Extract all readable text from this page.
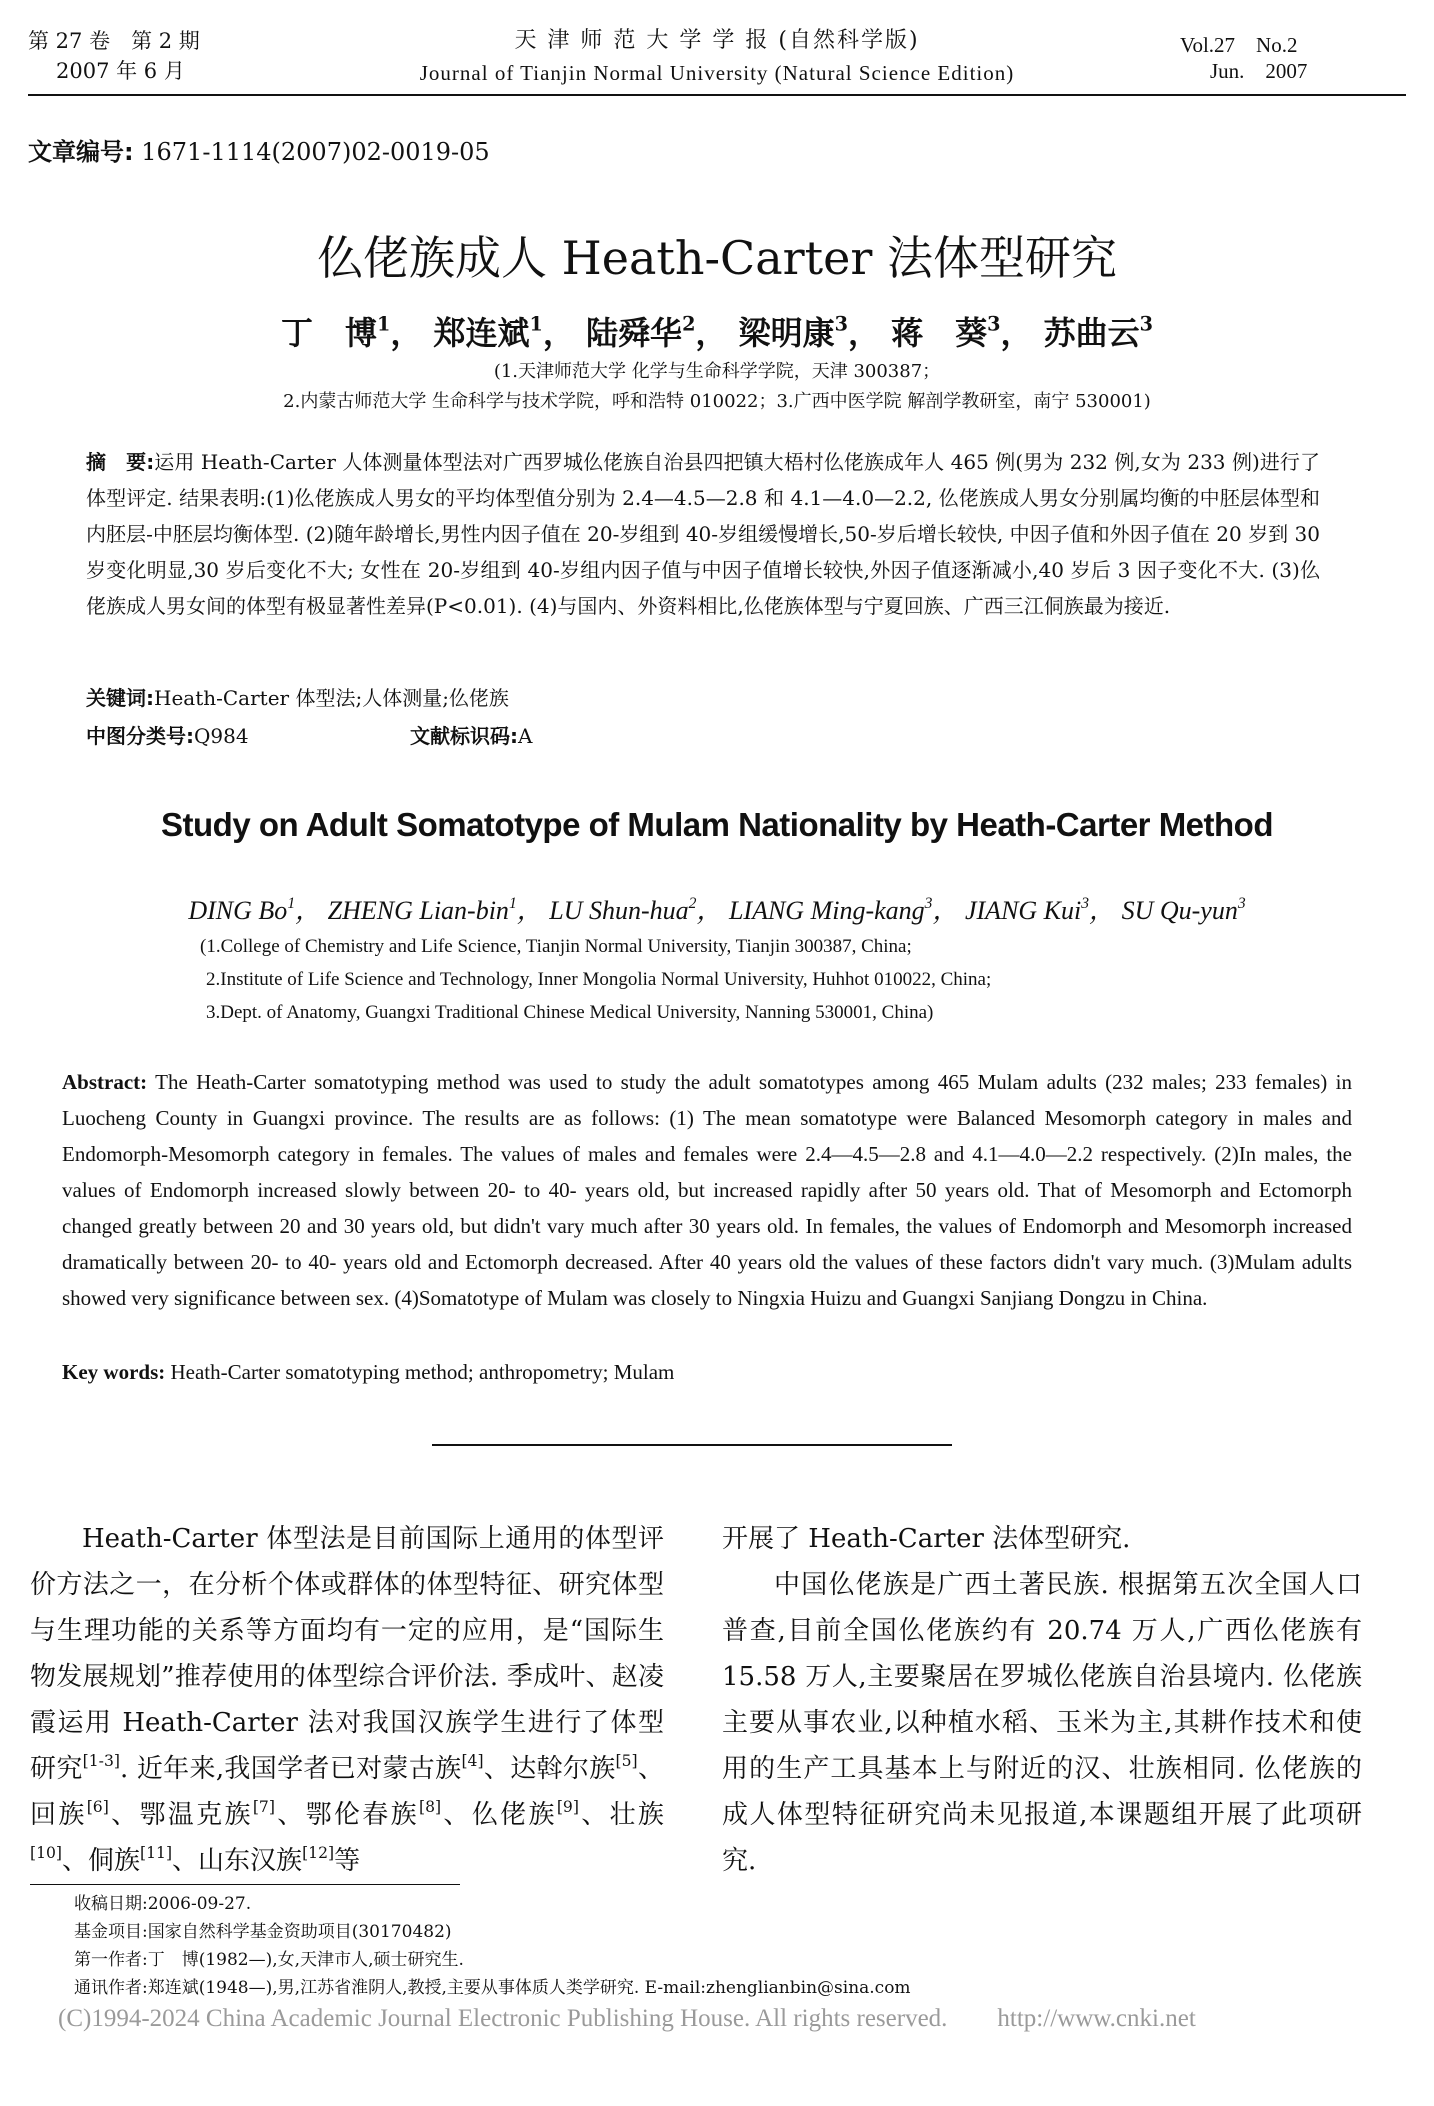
第 27 卷　第 2 期
2007 年 6 月
天 津 师 范 大 学 学 报 (自然科学版)
Journal of Tianjin Normal University (Natural Science Edition)
Vol.27　No.2
Jun.　2007
文章编号: 1671-1114(2007)02-0019-05
仫佬族成人 Heath-Carter 法体型研究
丁　博$^1$， 郑连斌$^1$， 陆舜华$^2$， 梁明康$^3$， 蒋　葵$^3$， 苏曲云$^3$
(1.天津师范大学 化学与生命科学学院，天津 300387；
2.内蒙古师范大学 生命科学与技术学院，呼和浩特 010022；3.广西中医学院 解剖学教研室，南宁 530001)
摘　要:运用 Heath-Carter 人体测量体型法对广西罗城仫佬族自治县四把镇大梧村仫佬族成年人 465 例(男为 232 例,女为 233 例)进行了体型评定. 结果表明:(1)仫佬族成人男女的平均体型值分别为 2.4—4.5—2.8 和 4.1—4.0—2.2, 仫佬族成人男女分别属均衡的中胚层体型和内胚层-中胚层均衡体型. (2)随年龄增长,男性内因子值在 20-岁组到 40-岁组缓慢增长,50-岁后增长较快, 中因子值和外因子值在 20 岁到 30 岁变化明显,30 岁后变化不大; 女性在 20-岁组到 40-岁组内因子值与中因子值增长较快,外因子值逐渐减小,40 岁后 3 因子变化不大. (3)仫佬族成人男女间的体型有极显著性差异(P<0.01). (4)与国内、外资料相比,仫佬族体型与宁夏回族、广西三江侗族最为接近.
关键词:Heath-Carter 体型法;人体测量;仫佬族
中图分类号:Q984	文献标识码:A
Study on Adult Somatotype of Mulam Nationality by Heath-Carter Method
DING Bo$^1$， ZHENG Lian-bin$^1$， LU Shun-hua$^2$， LIANG Ming-kang$^3$， JIANG Kui$^3$， SU Qu-yun$^3$
(1.College of Chemistry and Life Science, Tianjin Normal University, Tianjin 300387, China;
2.Institute of Life Science and Technology, Inner Mongolia Normal University, Huhhot 010022, China;
3.Dept. of Anatomy, Guangxi Traditional Chinese Medical University, Nanning 530001, China)
Abstract: The Heath-Carter somatotyping method was used to study the adult somatotypes among 465 Mulam adults (232 males; 233 females) in Luocheng County in Guangxi province. The results are as follows: (1) The mean somatotype were Balanced Mesomorph category in males and Endomorph-Mesomorph category in females. The values of males and females were 2.4—4.5—2.8 and 4.1—4.0—2.2 respectively. (2)In males, the values of Endomorph increased slowly between 20- to 40- years old, but increased rapidly after 50 years old. That of Mesomorph and Ectomorph changed greatly between 20 and 30 years old, but didn't vary much after 30 years old. In females, the values of Endomorph and Mesomorph increased dramatically between 20- to 40- years old and Ectomorph decreased. After 40 years old the values of these factors didn't vary much. (3)Mulam adults showed very significance between sex. (4)Somatotype of Mulam was closely to Ningxia Huizu and Guangxi Sanjiang Dongzu in China.
Key words: Heath-Carter somatotyping method; anthropometry; Mulam
Heath-Carter 体型法是目前国际上通用的体型评价方法之一，在分析个体或群体的体型特征、研究体型与生理功能的关系等方面均有一定的应用，是“国际生物发展规划”推荐使用的体型综合评价法. 季成叶、赵凌霞运用 Heath-Carter 法对我国汉族学生进行了体型研究[1-3]. 近年来,我国学者已对蒙古族[4]、达斡尔族[5]、回族[6]、鄂温克族[7]、鄂伦春族[8]、仫佬族[9]、壮族[10]、侗族[11]、山东汉族[12]等
开展了 Heath-Carter 法体型研究.
中国仫佬族是广西土著民族. 根据第五次全国人口普查,目前全国仫佬族约有 20.74 万人,广西仫佬族有 15.58 万人,主要聚居在罗城仫佬族自治县境内. 仫佬族主要从事农业,以种植水稻、玉米为主,其耕作技术和使用的生产工具基本上与附近的汉、壮族相同. 仫佬族的成人体型特征研究尚未见报道,本课题组开展了此项研究.
收稿日期:2006-09-27.
基金项目:国家自然科学基金资助项目(30170482)
第一作者:丁　博(1982—),女,天津市人,硕士研究生.
通讯作者:郑连斌(1948—),男,江苏省淮阴人,教授,主要从事体质人类学研究. E-mail:zhenglianbin@sina.com
(C)1994-2024 China Academic Journal Electronic Publishing House. All rights reserved.　　http://www.cnki.net
